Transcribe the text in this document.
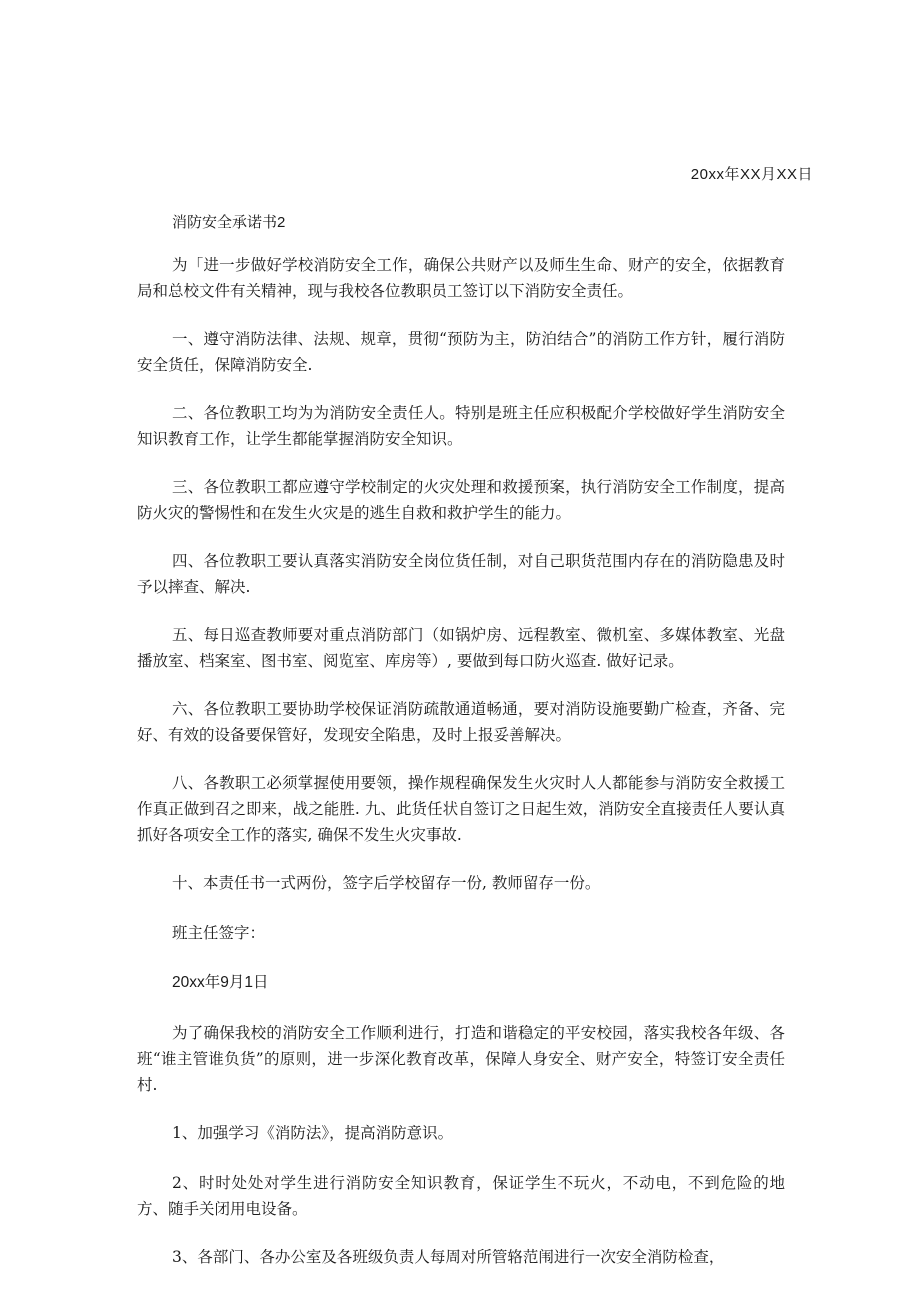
20xx年XX月XX日
消防安全承诺书2

为「进一步做好学校消防安全工作，确保公共财产以及师生生命、财产的安全，依据教育局和总校文件有关精神，现与我校各位教职员工签订以下消防安全责任。

一、遵守消防法律、法规、规章，贯彻“预防为主，防泊结合”的消防工作方针，履行消防安全货任，保障消防安全.

二、各位教职工均为为消防安全责任人。特别是班主任应积极配介学校做好学生消防安全知识教育工作，让学生都能掌握消防安全知识。

三、各位教职工都应遵守学校制定的火灾处理和救援预案，执行消防安全工作制度，提高防火灾的警惕性和在发生火灾是的逃生自救和救护学生的能力。

四、各位教职工要认真落实消防安全岗位货任制，对自己职货范围内存在的消防隐患及时予以摔查、解决.

五、每日巡查教师要对重点消防部门（如锅炉房、远程教室、微机室、多媒体教室、光盘播放室、档案室、图书室、阅览室、库房等）, 要做到每口防火巡查. 做好记录。

六、各位教职工要协助学校保证消防疏散通道畅通，要对消防设施要勤广检查，齐备、完好、有效的设备要保管好，发现安全陷患，及时上报妥善解决。

八、各教职工必须掌握使用要领，操作规程确保发生火灾时人人都能参与消防安全救援工作真正做到召之即来，战之能胜. 九、此货任状自签订之日起生效，消防安全直接责任人要认真抓好各项安全工作的落实, 确保不发生火灾事故.

十、本责任书一式两份，签字后学校留存一份, 教师留存一份。

班主任签字：

20xx年9月1日

为了确保我校的消防安全工作顺利进行，打造和谐稳定的平安校园，落实我校各年级、各班“谁主管谁负货”的原则，进一步深化教育改革，保障人身安全、财产安全，特签订安全责任村.

1、加强学习《消防法》，提高消防意识。

2、时时处处对学生进行消防安全知识教育，保证学生不玩火，不动电，不到危险的地方、随手关闭用电设备。

3、各部门、各办公室及各班级负责人每周对所管辂范闱进行一次安全消防检查，
